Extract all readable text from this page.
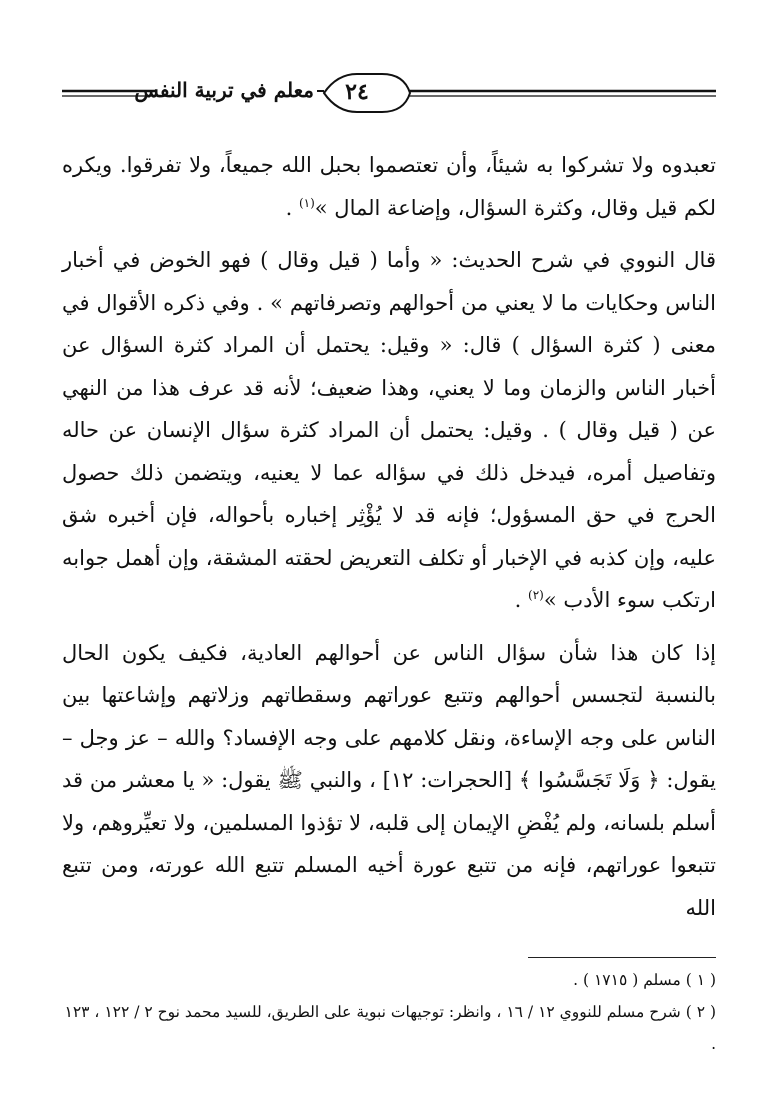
٢٤
معلم في تربية النفس

تعبدوه ولا تشركوا به شيئاً، وأن تعتصموا بحبل الله جميعاً، ولا تفرقوا. ويكره لكم قيل وقال، وكثرة السؤال، وإضاعة المال »$^{(١)}$ .

قال النووي في شرح الحديث: « وأما ( قيل وقال ) فهو الخوض في أخبار الناس وحكايات ما لا يعني من أحوالهم وتصرفاتهم » . وفي ذكره الأقوال في معنى ( كثرة السؤال ) قال: « وقيل: يحتمل أن المراد كثرة السؤال عن أخبار الناس والزمان وما لا يعني، وهذا ضعيف؛ لأنه قد عرف هذا من النهي عن ( قيل وقال ) . وقيل: يحتمل أن المراد كثرة سؤال الإنسان عن حاله وتفاصيل أمره، فيدخل ذلك في سؤاله عما لا يعنيه، ويتضمن ذلك حصول الحرج في حق المسؤول؛ فإنه قد لا يُؤْثِر إخباره بأحواله، فإن أخبره شق عليه، وإن كذبه في الإخبار أو تكلف التعريض لحقته المشقة، وإن أهمل جوابه ارتكب سوء الأدب »$^{(٢)}$ .

إذا كان هذا شأن سؤال الناس عن أحوالهم العادية، فكيف يكون الحال بالنسبة لتجسس أحوالهم وتتبع عوراتهم وسقطاتهم وزلاتهم وإشاعتها بين الناس على وجه الإساءة، ونقل كلامهم على وجه الإفساد؟ والله – عز وجل – يقول: ﴿ وَلَا تَجَسَّسُوا ﴾ [الحجرات: ١٢] ، والنبي ﷺ يقول: « يا معشر من قد أسلم بلسانه، ولم يُفْضِ الإيمان إلى قلبه، لا تؤذوا المسلمين، ولا تعيِّروهم، ولا تتبعوا عوراتهم، فإنه من تتبع عورة أخيه المسلم تتبع الله عورته، ومن تتبع الله

( ١ ) مسلم ( ١٧١٥ ) .

( ٢ ) شرح مسلم للنووي ١٢ / ١٦ ، وانظر: توجيهات نبوية على الطريق، للسيد محمد نوح ٢ / ١٢٢ ، ١٢٣ .
